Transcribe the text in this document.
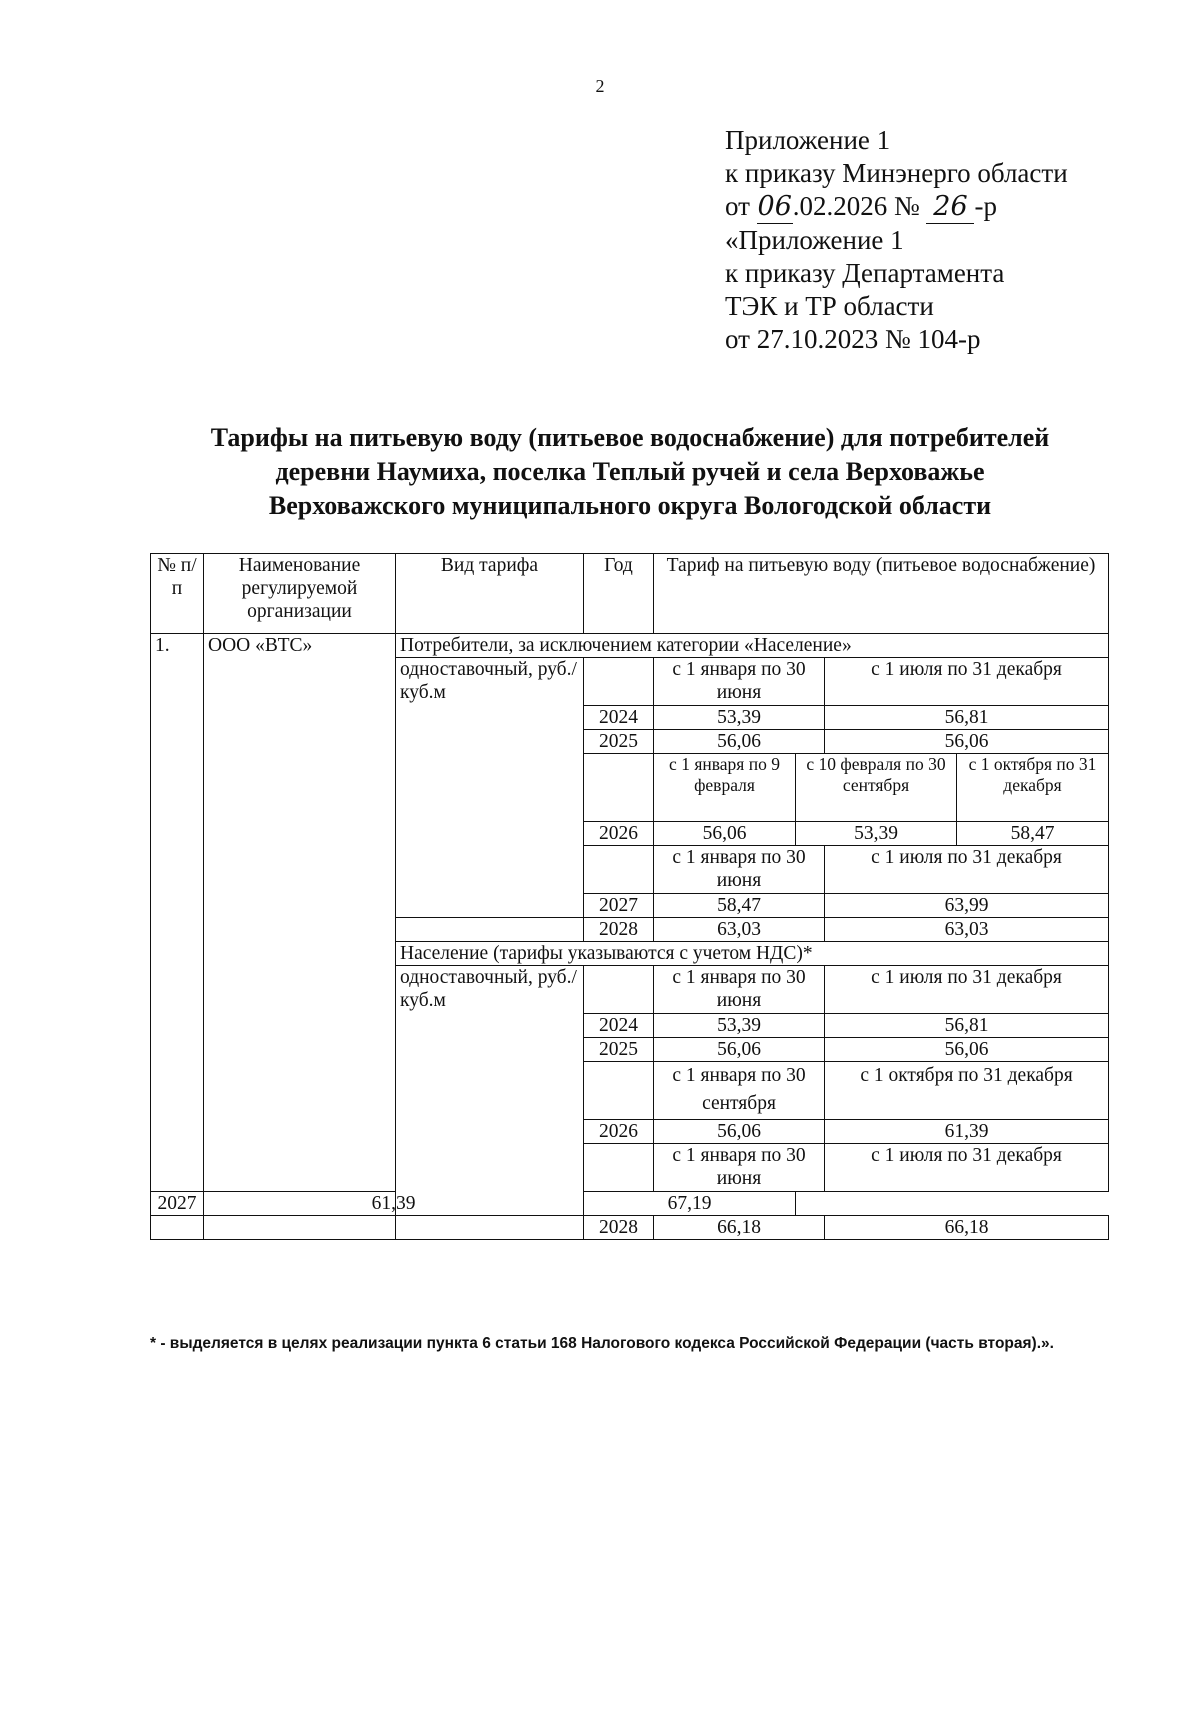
2
Приложение 1
к приказу Минэнерго области
от 06.02.2026 № 26 -р
«Приложение 1
к приказу Департамента
ТЭК и ТР области
от 27.10.2023 № 104-р
Тарифы на питьевую воду (питьевое водоснабжение) для потребителей
деревни Наумиха, поселка Теплый ручей и села Верховажье
Верховажского муниципального округа Вологодской области
№ п/п	Наименование регулируемой организации	Вид тарифа	Год	Тариф на питьевую воду (питьевое водоснабжение)			
1.	ООО «ВТС»	Потребители, за исключением категории «Население»					
		одноставочный, руб./куб.м		с 1 января по 30 июня		с 1 июля по 31 декабря	
			2024	53,39		56,81	
			2025	56,06		56,06	
				с 1 января по 9 февраля	с 10 февраля по 30 сентября		с 1 октября по 31 декабря
			2026	56,06	53,39		58,47
				с 1 января по 30 июня		с 1 июля по 31 декабря	
			2027	58,47		63,99	
			2028	63,03		63,03	
		Население (тарифы указываются с учетом НДС)*					
		одноставочный, руб./куб.м		с 1 января по 30 июня		с 1 июля по 31 декабря	
			2024	53,39		56,81	
			2025	56,06		56,06	
				с 1 января по 30 сентября		с 1 октября по 31 декабря	
			2026	56,06		61,39	
				с 1 января по 30 июня		с 1 июля по 31 декабря	
2027	61,39		67,19				
			2028	66,18		66,18	
* - выделяется в целях реализации пункта 6 статьи 168 Налогового кодекса Российской Федерации (часть вторая).».
